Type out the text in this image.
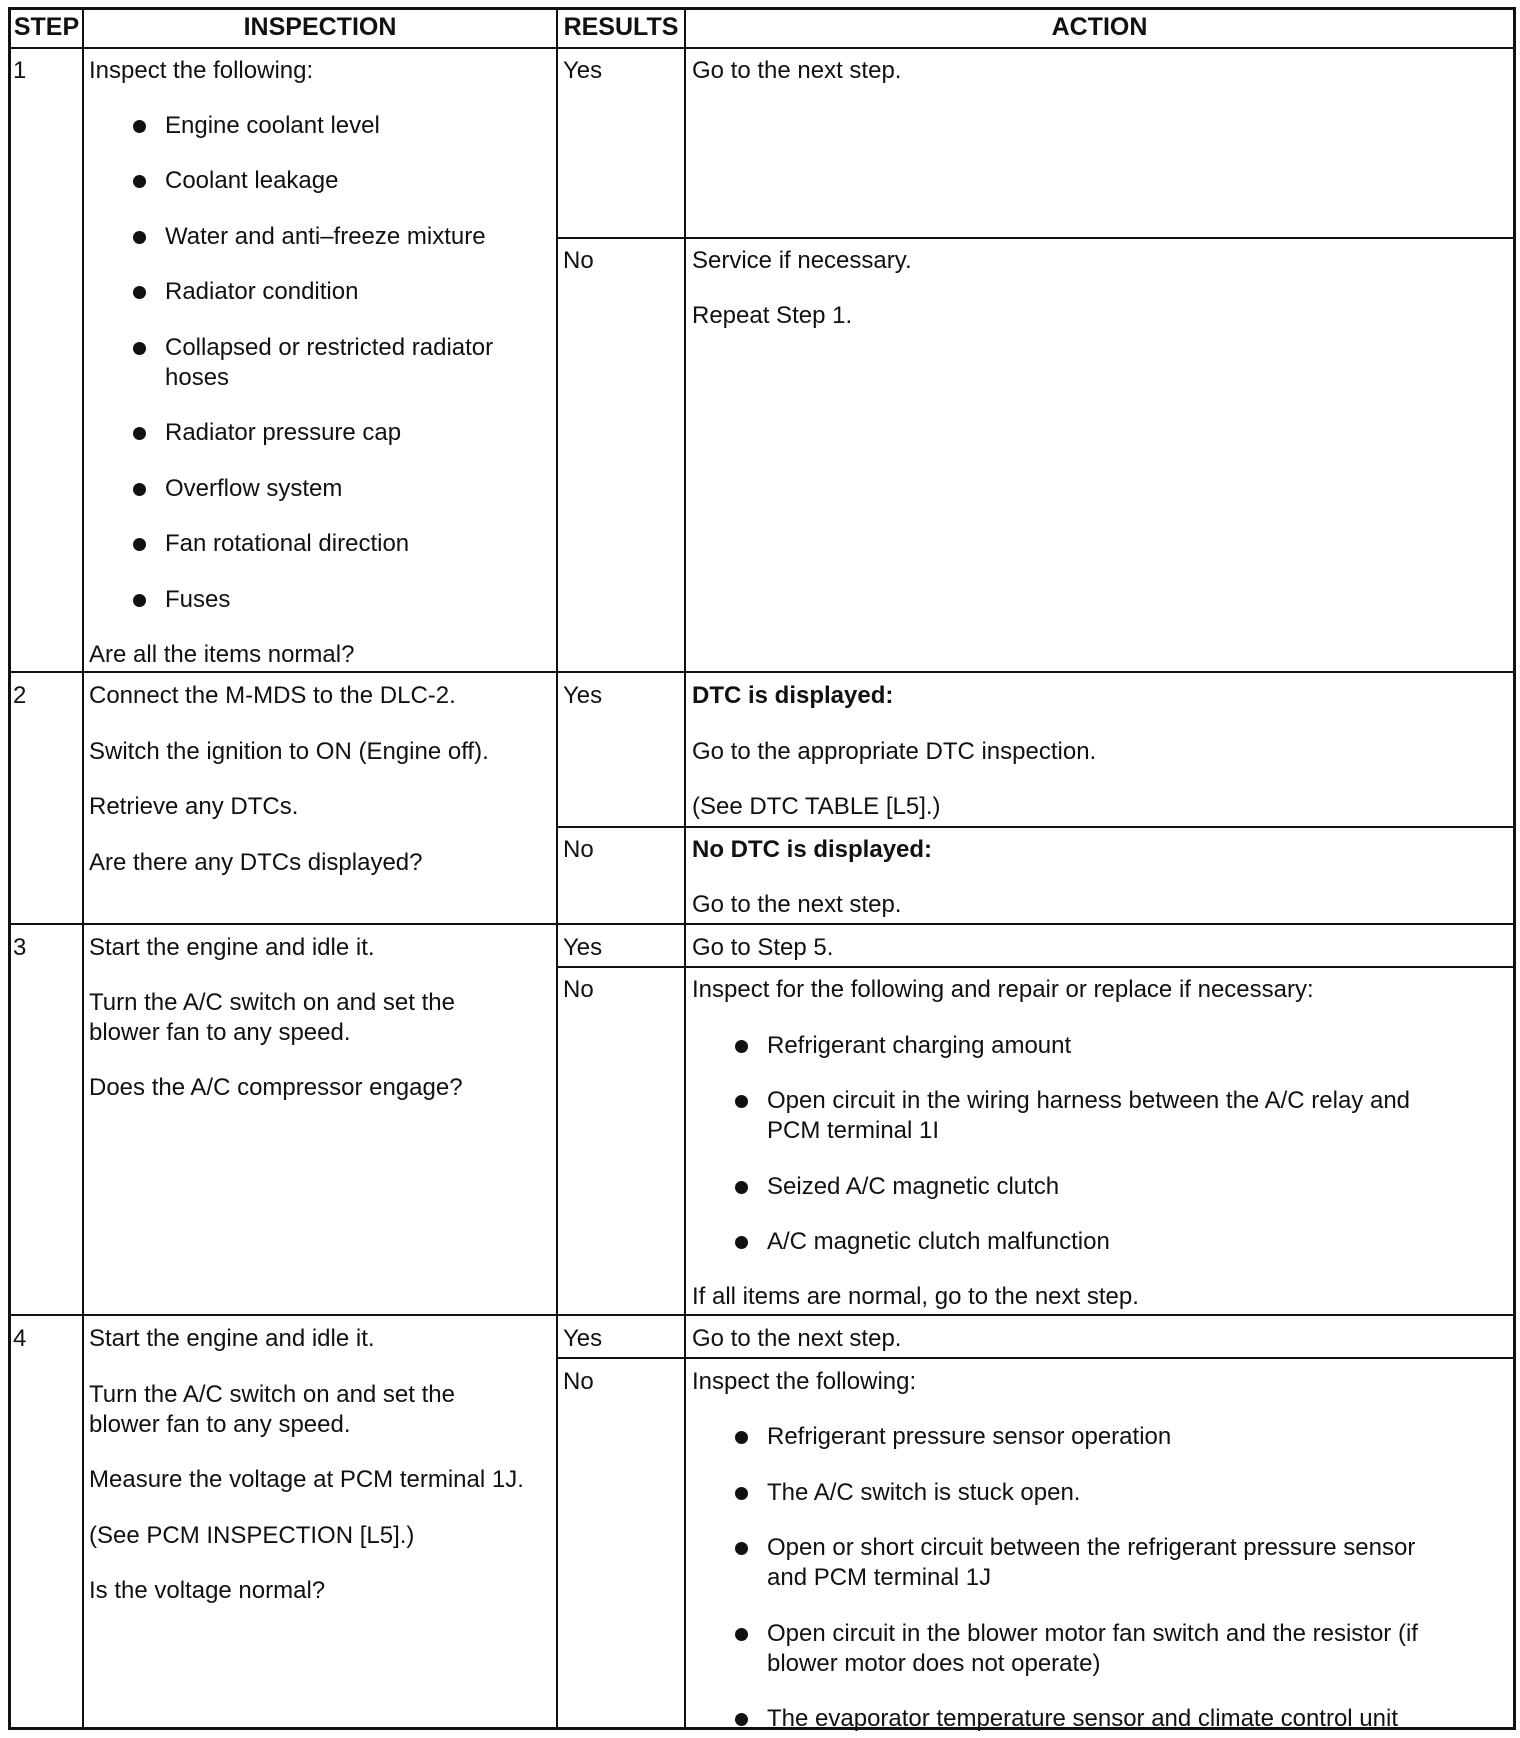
STEP	INSPECTION	RESULTS	ACTION
1	Inspect the following:
Engine coolant level
Coolant leakage
Water and anti–freeze mixture
Radiator condition
Collapsed or restricted radiator
hoses
Radiator pressure cap
Overflow system
Fan rotational direction
Fuses
Are all the items normal?
Yes	Go to the next step.
No	Service if necessary.
Repeat Step 1.
2	Connect the M-MDS to the DLC-2.
Switch the ignition to ON (Engine off).
Retrieve any DTCs.
Are there any DTCs displayed?
Yes	DTC is displayed:
Go to the appropriate DTC inspection.
(See DTC TABLE [L5].)
No	No DTC is displayed:
Go to the next step.
3	Start the engine and idle it.
Turn the A/C switch on and set the
blower fan to any speed.
Does the A/C compressor engage?
Yes	Go to Step 5.
No	Inspect for the following and repair or replace if necessary:
Refrigerant charging amount
Open circuit in the wiring harness between the A/C relay and
PCM terminal 1I
Seized A/C magnetic clutch
A/C magnetic clutch malfunction
If all items are normal, go to the next step.
4	Start the engine and idle it.
Turn the A/C switch on and set the
blower fan to any speed.
Measure the voltage at PCM terminal 1J.
(See PCM INSPECTION [L5].)
Is the voltage normal?
Yes	Go to the next step.
No	Inspect the following:
Refrigerant pressure sensor operation
The A/C switch is stuck open.
Open or short circuit between the refrigerant pressure sensor
and PCM terminal 1J
Open circuit in the blower motor fan switch and the resistor (if
blower motor does not operate)
The evaporator temperature sensor and climate control unit
